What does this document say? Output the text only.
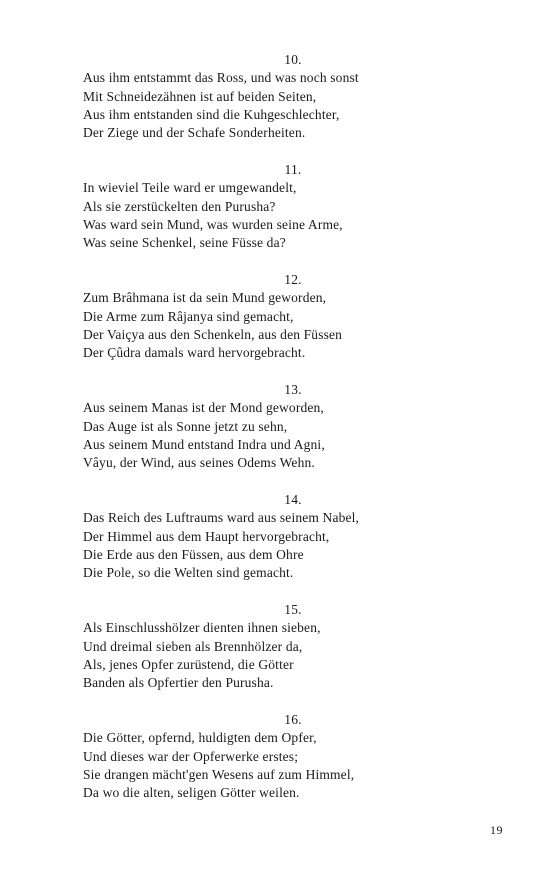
10.
Aus ihm entstammt das Ross, und was noch sonst
Mit Schneidezähnen ist auf beiden Seiten,
Aus ihm entstanden sind die Kuhgeschlechter,
Der Ziege und der Schafe Sonderheiten.
11.
In wieviel Teile ward er umgewandelt,
Als sie zerstückelten den Purusha?
Was ward sein Mund, was wurden seine Arme,
Was seine Schenkel, seine Füsse da?
12.
Zum Brâhmana ist da sein Mund geworden,
Die Arme zum Râjanya sind gemacht,
Der Vaiçya aus den Schenkeln, aus den Füssen
Der Çûdra damals ward hervorgebracht.
13.
Aus seinem Manas ist der Mond geworden,
Das Auge ist als Sonne jetzt zu sehn,
Aus seinem Mund entstand Indra und Agni,
Vâyu, der Wind, aus seines Odems Wehn.
14.
Das Reich des Luftraums ward aus seinem Nabel,
Der Himmel aus dem Haupt hervorgebracht,
Die Erde aus den Füssen, aus dem Ohre
Die Pole, so die Welten sind gemacht.
15.
Als Einschlusshölzer dienten ihnen sieben,
Und dreimal sieben als Brennhölzer da,
Als, jenes Opfer zurüstend, die Götter
Banden als Opfertier den Purusha.
16.
Die Götter, opfernd, huldigten dem Opfer,
Und dieses war der Opferwerke erstes;
Sie drangen mächt'gen Wesens auf zum Himmel,
Da wo die alten, seligen Götter weilen.
19
